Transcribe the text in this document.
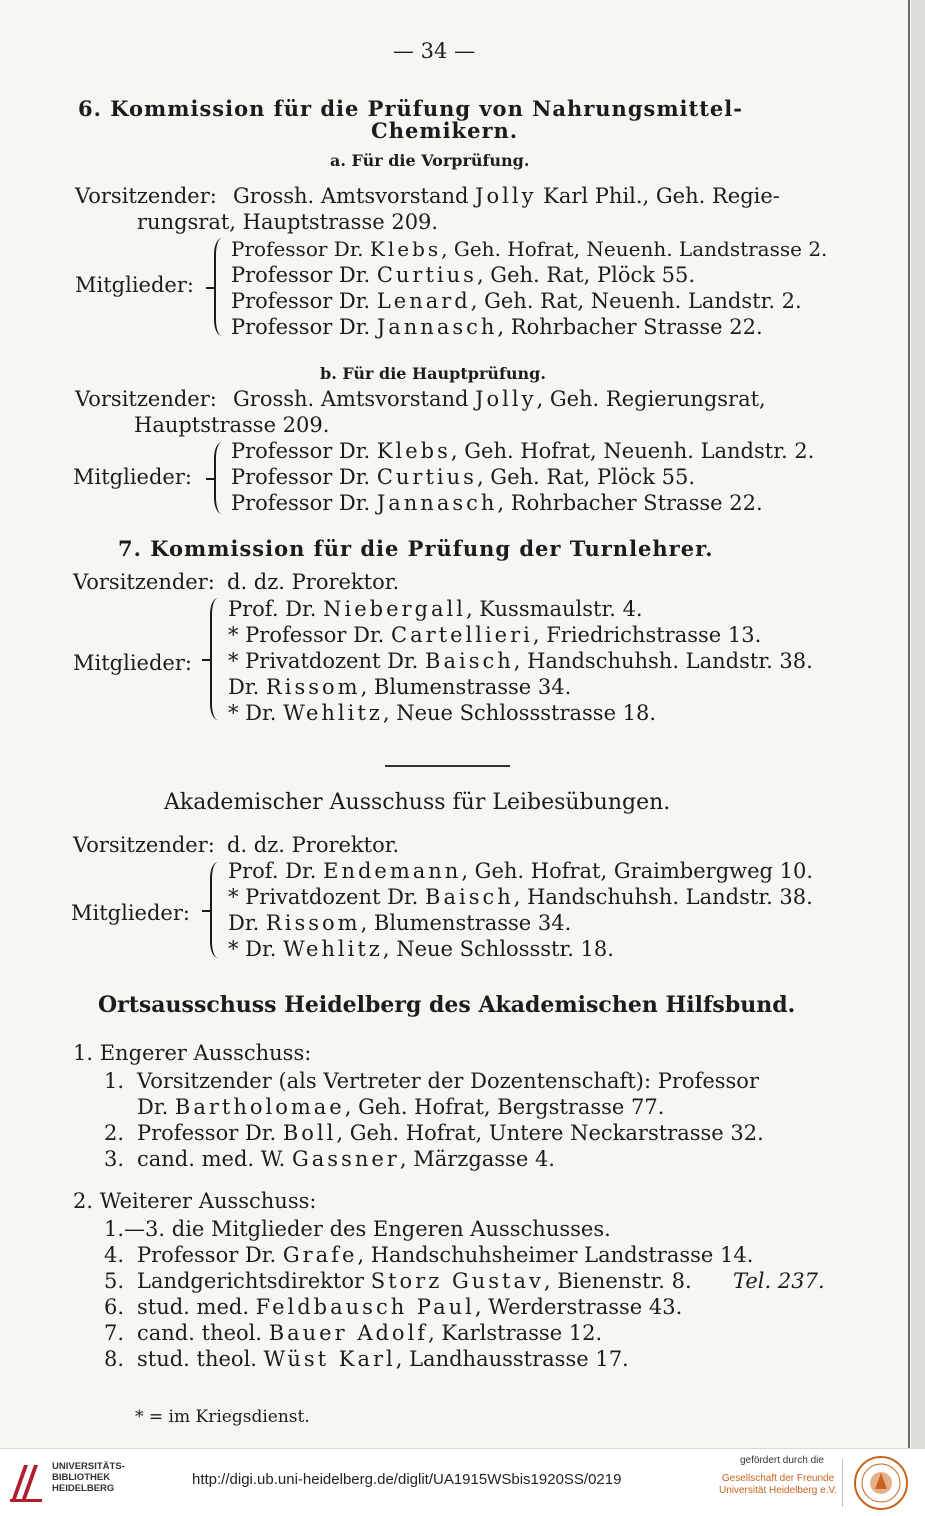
— 34 —
6. Kommission für die Prüfung von Nahrungsmittel-
Chemikern.
a. Für die Vorprüfung.
Vorsitzender: Grossh. Amtsvorstand Jolly Karl Phil., Geh. Regie-
rungsrat, Hauptstrasse 209.
Mitglieder:
Professor Dr. Klebs, Geh. Hofrat, Neuenh. Landstrasse 2.
Professor Dr. Curtius, Geh. Rat, Plöck 55.
Professor Dr. Lenard, Geh. Rat, Neuenh. Landstr. 2.
Professor Dr. Jannasch, Rohrbacher Strasse 22.
b. Für die Hauptprüfung.
Vorsitzender: Grossh. Amtsvorstand Jolly, Geh. Regierungsrat,
Hauptstrasse 209.
Mitglieder:
Professor Dr. Klebs, Geh. Hofrat, Neuenh. Landstr. 2.
Professor Dr. Curtius, Geh. Rat, Plöck 55.
Professor Dr. Jannasch, Rohrbacher Strasse 22.
7. Kommission für die Prüfung der Turnlehrer.
Vorsitzender: d. dz. Prorektor.
Mitglieder:
Prof. Dr. Niebergall, Kussmaulstr. 4.
* Professor Dr. Cartellieri, Friedrichstrasse 13.
* Privatdozent Dr. Baisch, Handschuhsh. Landstr. 38.
Dr. Rissom, Blumenstrasse 34.
* Dr. Wehlitz, Neue Schlossstrasse 18.
Akademischer Ausschuss für Leibesübungen.
Vorsitzender: d. dz. Prorektor.
Mitglieder:
Prof. Dr. Endemann, Geh. Hofrat, Graimbergweg 10.
* Privatdozent Dr. Baisch, Handschuhsh. Landstr. 38.
Dr. Rissom, Blumenstrasse 34.
* Dr. Wehlitz, Neue Schlossstr. 18.
Ortsausschuss Heidelberg des Akademischen Hilfsbund.
1. Engerer Ausschuss:
1. Vorsitzender (als Vertreter der Dozentenschaft): Professor
Dr. Bartholomae, Geh. Hofrat, Bergstrasse 77.
2. Professor Dr. Boll, Geh. Hofrat, Untere Neckarstrasse 32.
3. cand. med. W. Gassner, Märzgasse 4.
2. Weiterer Ausschuss:
1.—3. die Mitglieder des Engeren Ausschusses.
4. Professor Dr. Grafe, Handschuhsheimer Landstrasse 14.
5. Landgerichtsdirektor Storz Gustav, Bienenstr. 8. Tel. 237.
6. stud. med. Feldbausch Paul, Werderstrasse 43.
7. cand. theol. Bauer Adolf, Karlstrasse 12.
8. stud. theol. Wüst Karl, Landhausstrasse 17.
* = im Kriegsdienst.
UNIVERSITÄTS-
BIBLIOTHEK
HEIDELBERG
http://digi.ub.uni-heidelberg.de/diglit/UA1915WSbis1920SS/0219
gefördert durch die
Gesellschaft der Freunde
Universität Heidelberg e.V.
